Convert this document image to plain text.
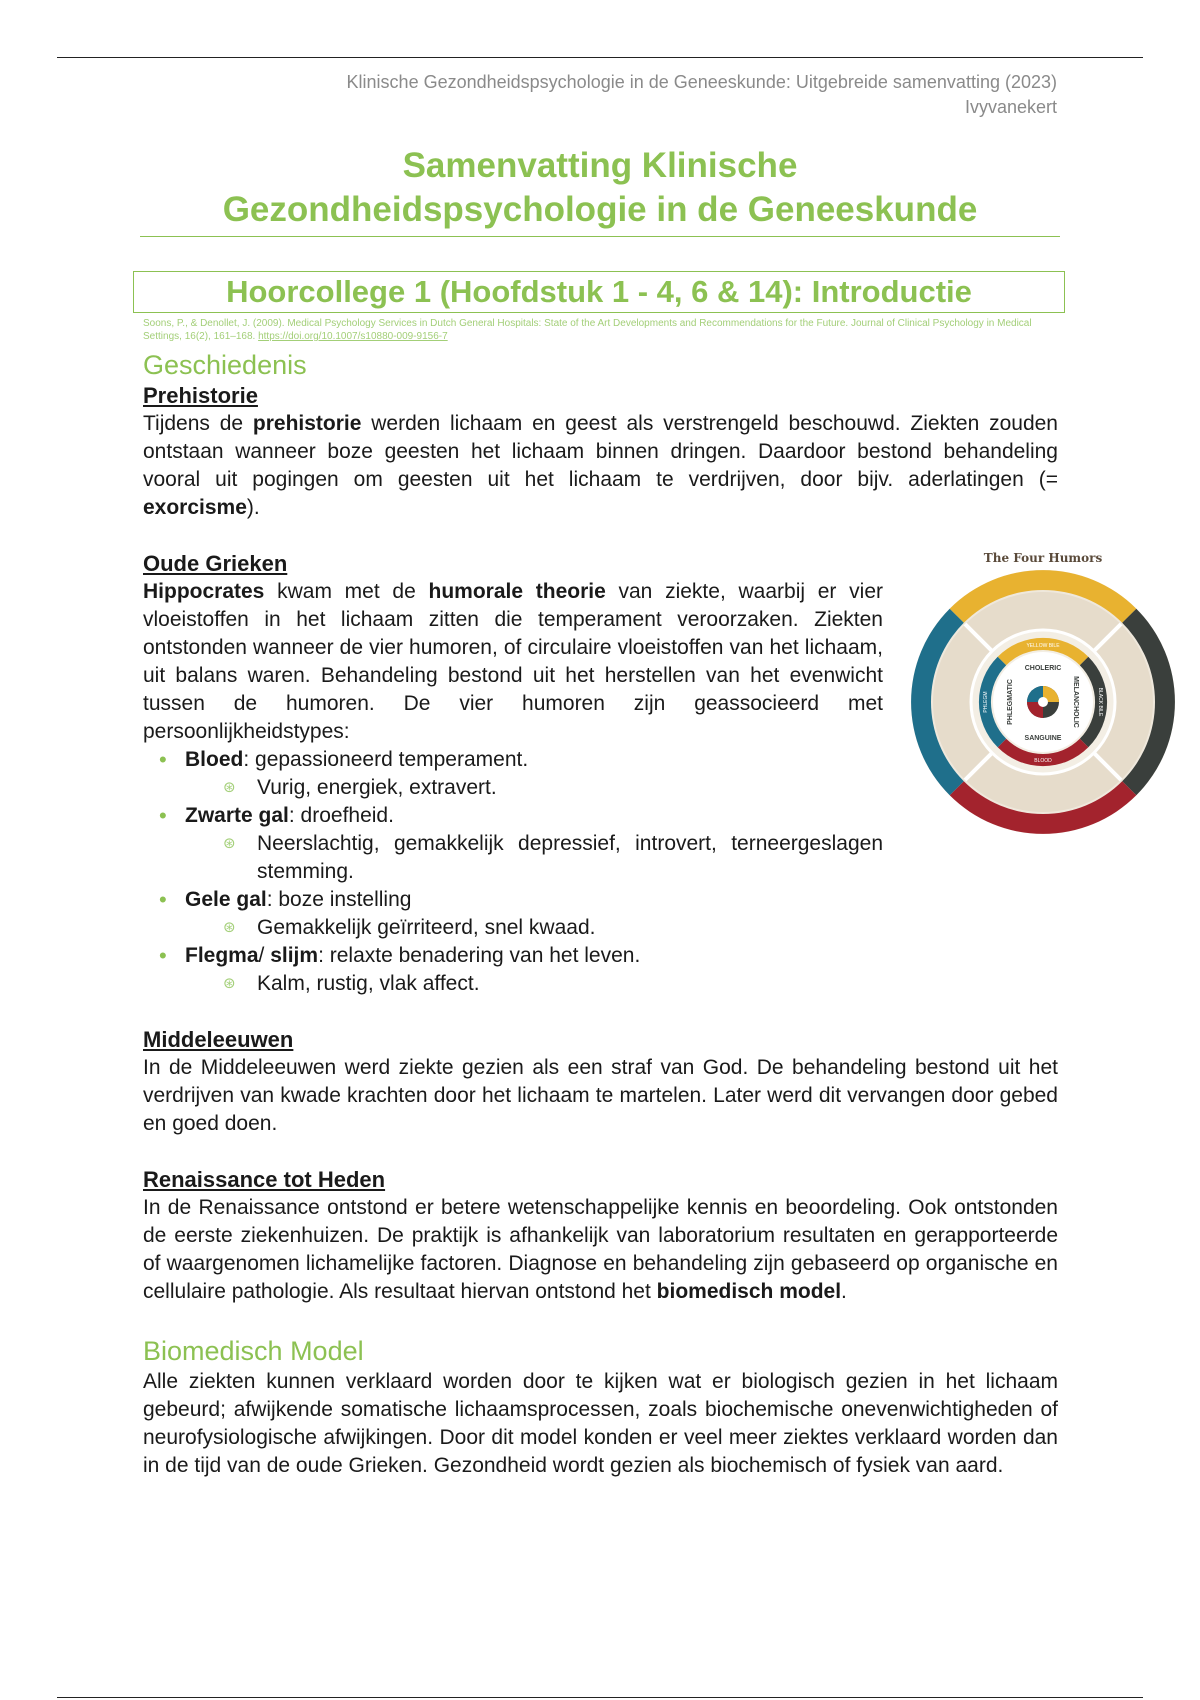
Klinische Gezondheidspsychologie in de Geneeskunde: Uitgebreide samenvatting (2023)
Ivyvanekert
Samenvatting Klinische
Gezondheidspsychologie in de Geneeskunde
Hoorcollege 1 (Hoofdstuk 1 - 4, 6 & 14): Introductie
Soons, P., & Denollet, J. (2009). Medical Psychology Services in Dutch General Hospitals: State of the Art Developments and Recommendations for the Future. Journal of Clinical Psychology in Medical Settings, 16(2), 161–168. https://doi.org/10.1007/s10880-009-9156-7
Geschiedenis
Prehistorie

Tijdens de prehistorie werden lichaam en geest als verstrengeld beschouwd. Ziekten zouden ontstaan wanneer boze geesten het lichaam binnen dringen. Daardoor bestond behandeling vooral uit pogingen om geesten uit het lichaam te verdrijven, door bijv. aderlatingen (= exorcisme).

Oude Grieken

Hippocrates kwam met de humorale theorie van ziekte, waarbij er vier vloeistoffen in het lichaam zitten die temperament veroorzaken. Ziekten ontstonden wanneer de vier humoren, of circulaire vloeistoffen van het lichaam, uit balans waren. Behandeling bestond uit het herstellen van het evenwicht tussen de humoren. De vier humoren zijn geassocieerd met persoonlijkheidstypes:

• Bloed: gepassioneerd temperament.
⊛ Vurig, energiek, extravert.
• Zwarte gal: droefheid.
⊛ Neerslachtig, gemakkelijk depressief, introvert, terneergeslagen stemming.
• Gele gal: boze instelling
⊛ Gemakkelijk geïrriteerd, snel kwaad.
• Flegma/ slijm: relaxte benadering van het leven.
⊛ Kalm, rustig, vlak affect.
The Four Humors
CHOLERIC
MELANCHOLIC
SANGUINE
PHLEGMATIC
YELLOW BILE
BLACK BILE
BLOOD
PHLEGM
Middeleeuwen

In de Middeleeuwen werd ziekte gezien als een straf van God. De behandeling bestond uit het verdrijven van kwade krachten door het lichaam te martelen. Later werd dit vervangen door gebed en goed doen.

Renaissance tot Heden

In de Renaissance ontstond er betere wetenschappelijke kennis en beoordeling. Ook ontstonden de eerste ziekenhuizen. De praktijk is afhankelijk van laboratorium resultaten en gerapporteerde of waargenomen lichamelijke factoren. Diagnose en behandeling zijn gebaseerd op organische en cellulaire pathologie. Als resultaat hiervan ontstond het biomedisch model.

Biomedisch Model

Alle ziekten kunnen verklaard worden door te kijken wat er biologisch gezien in het lichaam gebeurd; afwijkende somatische lichaamsprocessen, zoals biochemische onevenwichtigheden of neurofysiologische afwijkingen. Door dit model konden er veel meer ziektes verklaard worden dan in de tijd van de oude Grieken. Gezondheid wordt gezien als biochemisch of fysiek van aard.
